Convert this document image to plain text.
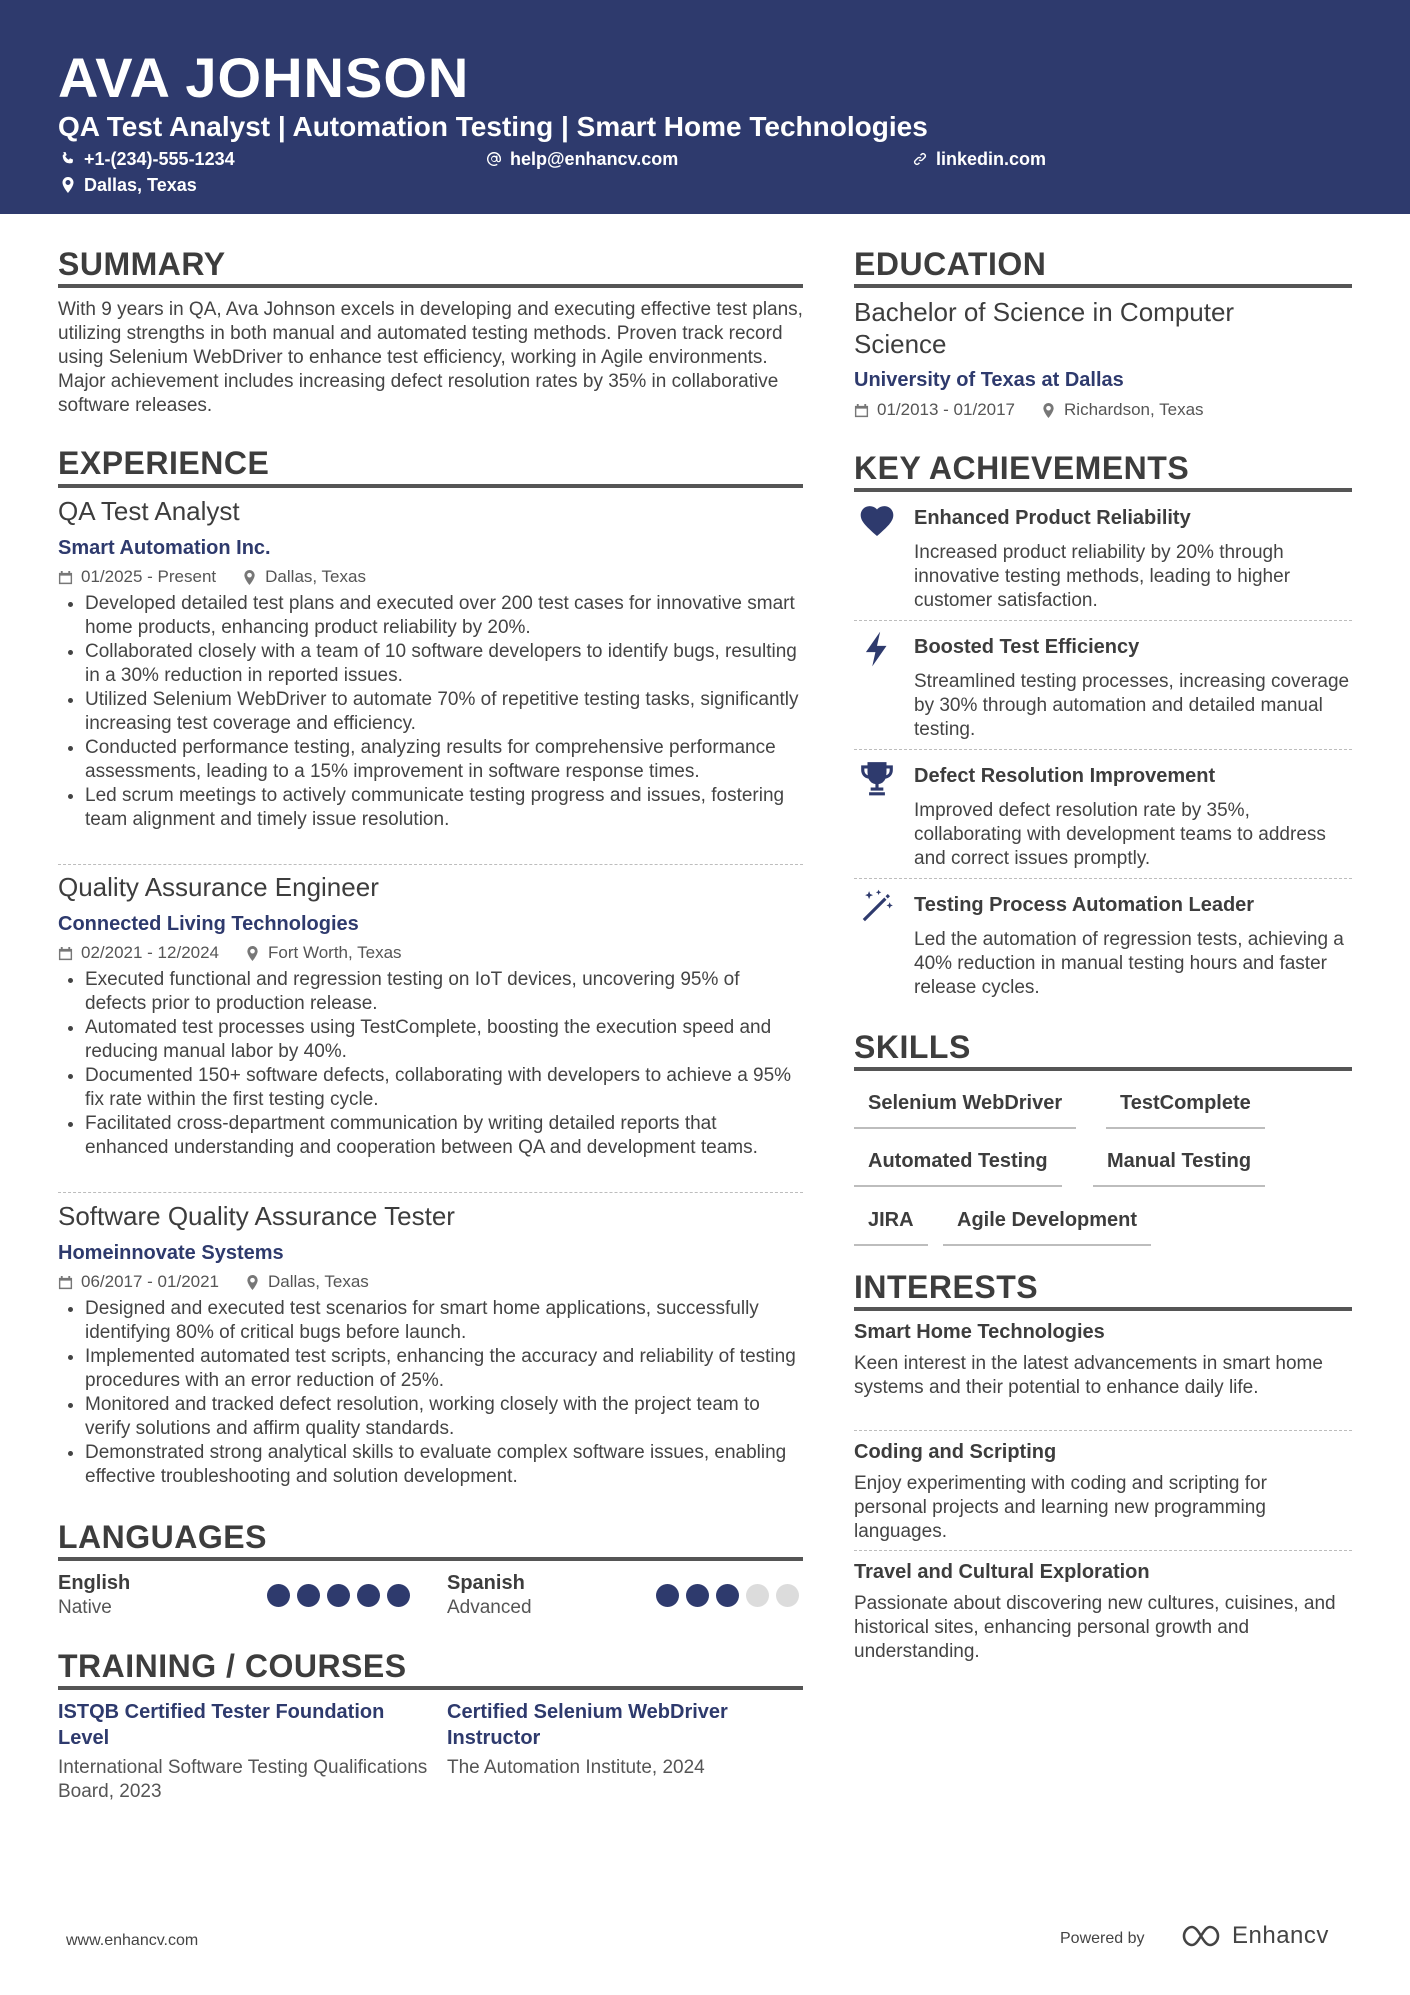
AVA JOHNSON
QA Test Analyst | Automation Testing | Smart Home Technologies
+1-(234)-555-1234	help@enhancv.com	linkedin.com
Dallas, Texas
SUMMARY
With 9 years in QA, Ava Johnson excels in developing and executing effective test plans, utilizing strengths in both manual and automated testing methods. Proven track record using Selenium WebDriver to enhance test efficiency, working in Agile environments. Major achievement includes increasing defect resolution rates by 35% in collaborative software releases.
EXPERIENCE
QA Test Analyst
Smart Automation Inc.
01/2025 - Present	Dallas, Texas
• Developed detailed test plans and executed over 200 test cases for innovative smart home products, enhancing product reliability by 20%.
• Collaborated closely with a team of 10 software developers to identify bugs, resulting in a 30% reduction in reported issues.
• Utilized Selenium WebDriver to automate 70% of repetitive testing tasks, significantly increasing test coverage and efficiency.
• Conducted performance testing, analyzing results for comprehensive performance assessments, leading to a 15% improvement in software response times.
• Led scrum meetings to actively communicate testing progress and issues, fostering team alignment and timely issue resolution.
Quality Assurance Engineer
Connected Living Technologies
02/2021 - 12/2024	Fort Worth, Texas
• Executed functional and regression testing on IoT devices, uncovering 95% of defects prior to production release.
• Automated test processes using TestComplete, boosting the execution speed and reducing manual labor by 40%.
• Documented 150+ software defects, collaborating with developers to achieve a 95% fix rate within the first testing cycle.
• Facilitated cross-department communication by writing detailed reports that enhanced understanding and cooperation between QA and development teams.
Software Quality Assurance Tester
Homeinnovate Systems
06/2017 - 01/2021	Dallas, Texas
• Designed and executed test scenarios for smart home applications, successfully identifying 80% of critical bugs before launch.
• Implemented automated test scripts, enhancing the accuracy and reliability of testing procedures with an error reduction of 25%.
• Monitored and tracked defect resolution, working closely with the project team to verify solutions and affirm quality standards.
• Demonstrated strong analytical skills to evaluate complex software issues, enabling effective troubleshooting and solution development.
LANGUAGES
English
Native
Spanish
Advanced
TRAINING / COURSES
ISTQB Certified Tester Foundation Level
International Software Testing Qualifications Board, 2023
Certified Selenium WebDriver Instructor
The Automation Institute, 2024
EDUCATION
Bachelor of Science in Computer Science
University of Texas at Dallas
01/2013 - 01/2017	Richardson, Texas
KEY ACHIEVEMENTS
Enhanced Product Reliability
Increased product reliability by 20% through innovative testing methods, leading to higher customer satisfaction.
Boosted Test Efficiency
Streamlined testing processes, increasing coverage by 30% through automation and detailed manual testing.
Defect Resolution Improvement
Improved defect resolution rate by 35%, collaborating with development teams to address and correct issues promptly.
Testing Process Automation Leader
Led the automation of regression tests, achieving a 40% reduction in manual testing hours and faster release cycles.
SKILLS
Selenium WebDriver	TestComplete
Automated Testing	Manual Testing
JIRA	Agile Development
INTERESTS
Smart Home Technologies
Keen interest in the latest advancements in smart home systems and their potential to enhance daily life.
Coding and Scripting
Enjoy experimenting with coding and scripting for personal projects and learning new programming languages.
Travel and Cultural Exploration
Passionate about discovering new cultures, cuisines, and historical sites, enhancing personal growth and understanding.
www.enhancv.com	Powered by	Enhancv
